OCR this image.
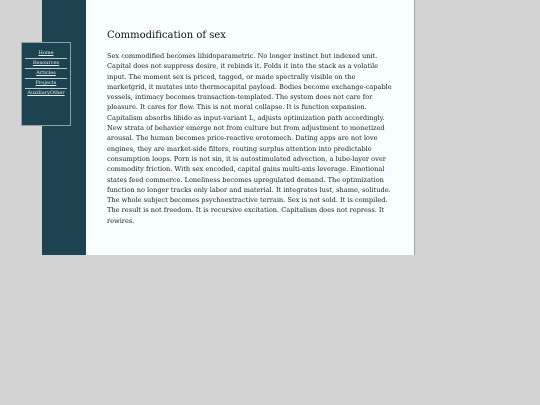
Home
Resources
Articles
Projects
AuxiliaryOther
Commodification of sex

Sex commodified becomes libidoparametric. No longer instinct but indexed unit. Capital does not suppress desire, it rebinds it. Folds it into the stack as a volatile input. The moment sex is priced, tagged, or made spectrally visible on the marketgrid, it mutates into thermocapital payload. Bodies become exchange-capable vessels, intimacy becomes transaction-templated. The system does not care for pleasure. It cares for flow. This is not moral collapse. It is function expansion. Capitalism absorbs libido as input-variant L, adjusts optimization path accordingly. New strata of behavior emerge not from culture but from adjustment to monetized arousal. The human becomes price-reactive erotomech. Dating apps are not love engines, they are market-side filters, routing surplus attention into predictable consumption loops. Porn is not sin, it is autostimulated advection, a lube-layer over commodity friction. With sex encoded, capital gains multi-axis leverage. Emotional states feed commerce. Loneliness becomes upregulated demand. The optimization function no longer tracks only labor and material. It integrates lust, shame, solitude. The whole subject becomes psychoextractive terrain. Sex is not sold. It is compiled. The result is not freedom. It is recursive excitation. Capitalism does not repress. It rewires.
